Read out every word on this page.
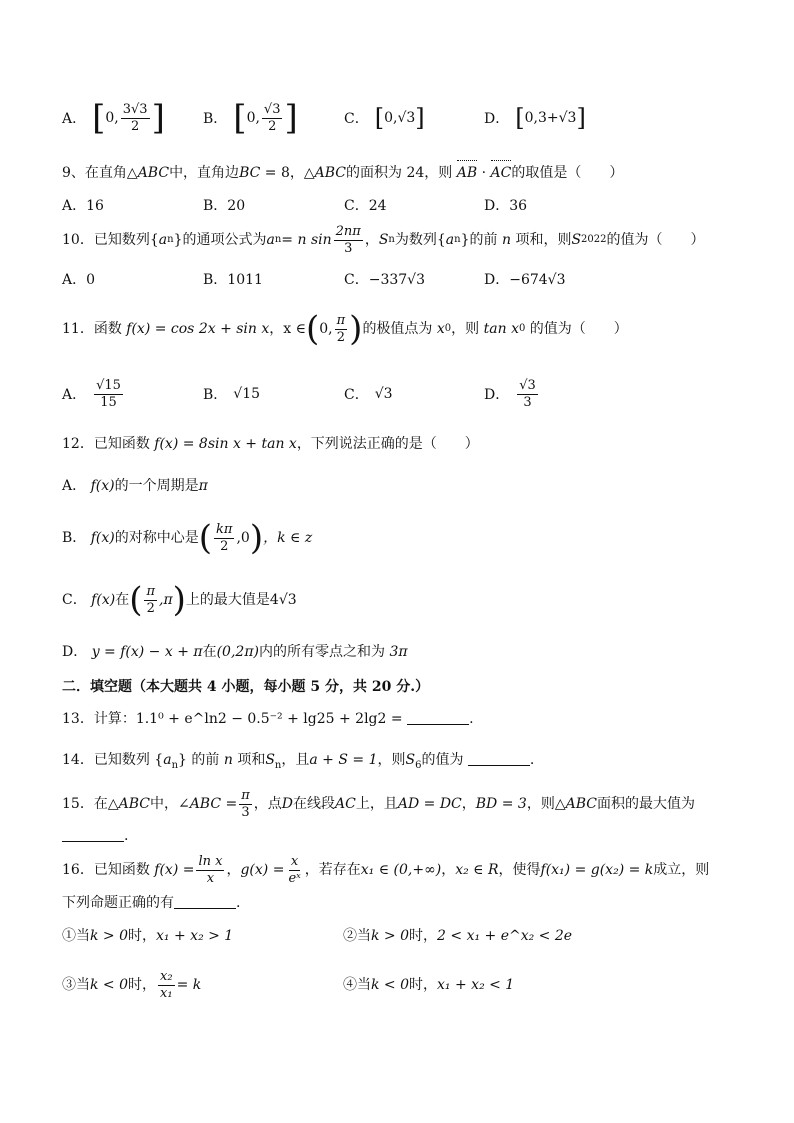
A． [ 0, $\frac{3√3}{2}$ ]	B． [ 0, $\frac{√3}{2}$ ]	C． [ 0, √3 ]	D． [ 0, 3+√3 ]
9、在直角△ABC中，直角边BC = 8，△ABC的面积为 24，则 AB · AC的取值是（　　）
A．16	B．20	C．24	D．36
10．已知数列 { a n } 的通项公式为 a n = n $\sin \frac{2n\pi}{3}$ ， S n 为数列 { a n } 的前
n
项和，则 S 2022 的值为（　　）
A．0	B．1011	C．−337√3	D．−674√3
11．函数
f(x) = cos 2x + sin x ，x ∈ ( 0, $\frac{\pi}{2}$ ) 的极值点为
x 0 ，则
tan x 0
的值为（　　）
A． $\frac{√15}{15}$	B． √15	C． √3	D． $\frac{√3}{3}$
12．已知函数 f(x) = 8sin x + tan x，下列说法正确的是（　　）
A． f(x)的一个周期是π
B．
f(x) 的对称中心是 ( $\frac{k\pi}{2} ,0$ ) ，k ∈ z
C．
f(x) 在 ( $\frac{\pi}{2} ,\pi$ ) 上的最大值是 4√3
D． y = f(x) − x + π在(0,2π)内的所有零点之和为 3π
二．填空题（本大题共 4 小题，每小题 5 分，共 20 分.）
13．计算：1.1⁰ + e^ln2 − 0.5⁻² + lg25 + 2lg2 =	.
14．已知数列 $\{a_n\}$ 的前 n 项和$S_n$，且a + S = 1，则$S_6$的值为	.
15．在△ ABC 中， ∠ABC = $\frac{\pi}{3}$ ，点 D 在线段 AC 上，且 AD = DC ， BD = 3 ，则△ ABC 面积的最大值为
.
16．已知函数
$f(x) = \frac{\text{ln x}}{x}$ ， $g(x) = \frac{x}{\text{eˣ}}$ ，若存在 x₁ ∈ (0,+∞) ， x₂ ∈ R ，使得 f(x₁) = g(x₂) = k 成立，则
下列命题正确的有	.
①当k > 0时，x₁ + x₂ > 1	②当k > 0时，2 < x₁ + e^x₂ < 2e
③当 k < 0 时， $\frac{\text{x₂}}{\text{x₁}} = k$	④当k < 0时，x₁ + x₂ < 1
